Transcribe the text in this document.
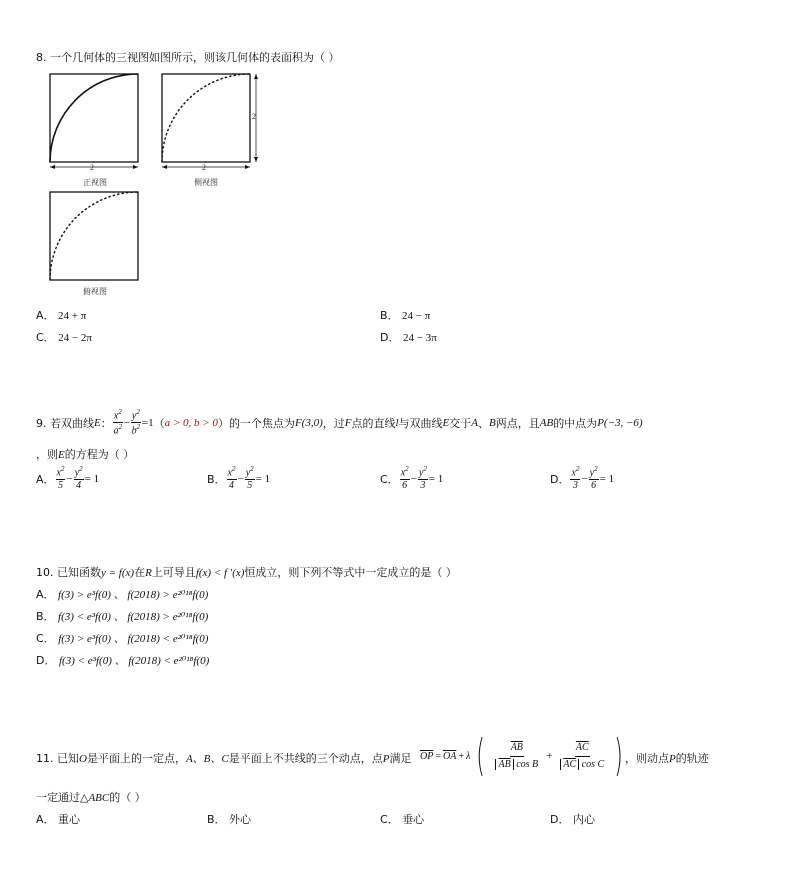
8. 一个几何体的三视图如图所示，则该几何体的表面积为（ ）
2	2
2
正视图	侧视图
俯视图
A． 24 + π	B． 24 − π
C． 24 − 2π	D． 24 − 3π
9. 若双曲线 E ： $\frac{x^2}{a^2} - \frac{y^2}{b^2} =1$ （ a > 0, b > 0 ） 的一个焦点为 F(3,0) ，过 F 点的直线 l 与双曲线 E 交于 A 、 B 两点，且 AB 的中点为 P(−3, −6)
，则E的方程为（ ）
A． $\frac{x^2}{5} - \frac{y^2}{4} = 1$	B． $\frac{x^2}{4} - \frac{y^2}{5} = 1$	C． $\frac{x^2}{6} - \frac{y^2}{3} = 1$	D． $\frac{x^2}{3} - \frac{y^2}{6} = 1$
10. 已知函数y = f(x)在R上可导且f(x) < f ′(x)恒成立，则下列不等式中一定成立的是（ ）
A． f(3) > e³f(0) 、 f(2018) > e²⁰¹⁸f(0)
B． f(3) < e³f(0) 、 f(2018) > e²⁰¹⁸f(0)
C． f(3) > e³f(0) 、 f(2018) < e²⁰¹⁸f(0)
D． f(3) < e³f(0) 、 f(2018) < e²⁰¹⁸f(0)
11. 已知O是平面上的一定点，A、B、C是平面上不共线的三个动点，点P满足 $\overline{OP} = \overline{OA} + \lambda$ ( $\frac{\overline{AB}}{\overline{AB} \cos B} + \frac{\overline{AC}}{\overline{AC} \cos C}$ ) ，则动点P的轨迹
一定通过△ABC的（ ）
A． 重心	B． 外心	C． 垂心	D． 内心
